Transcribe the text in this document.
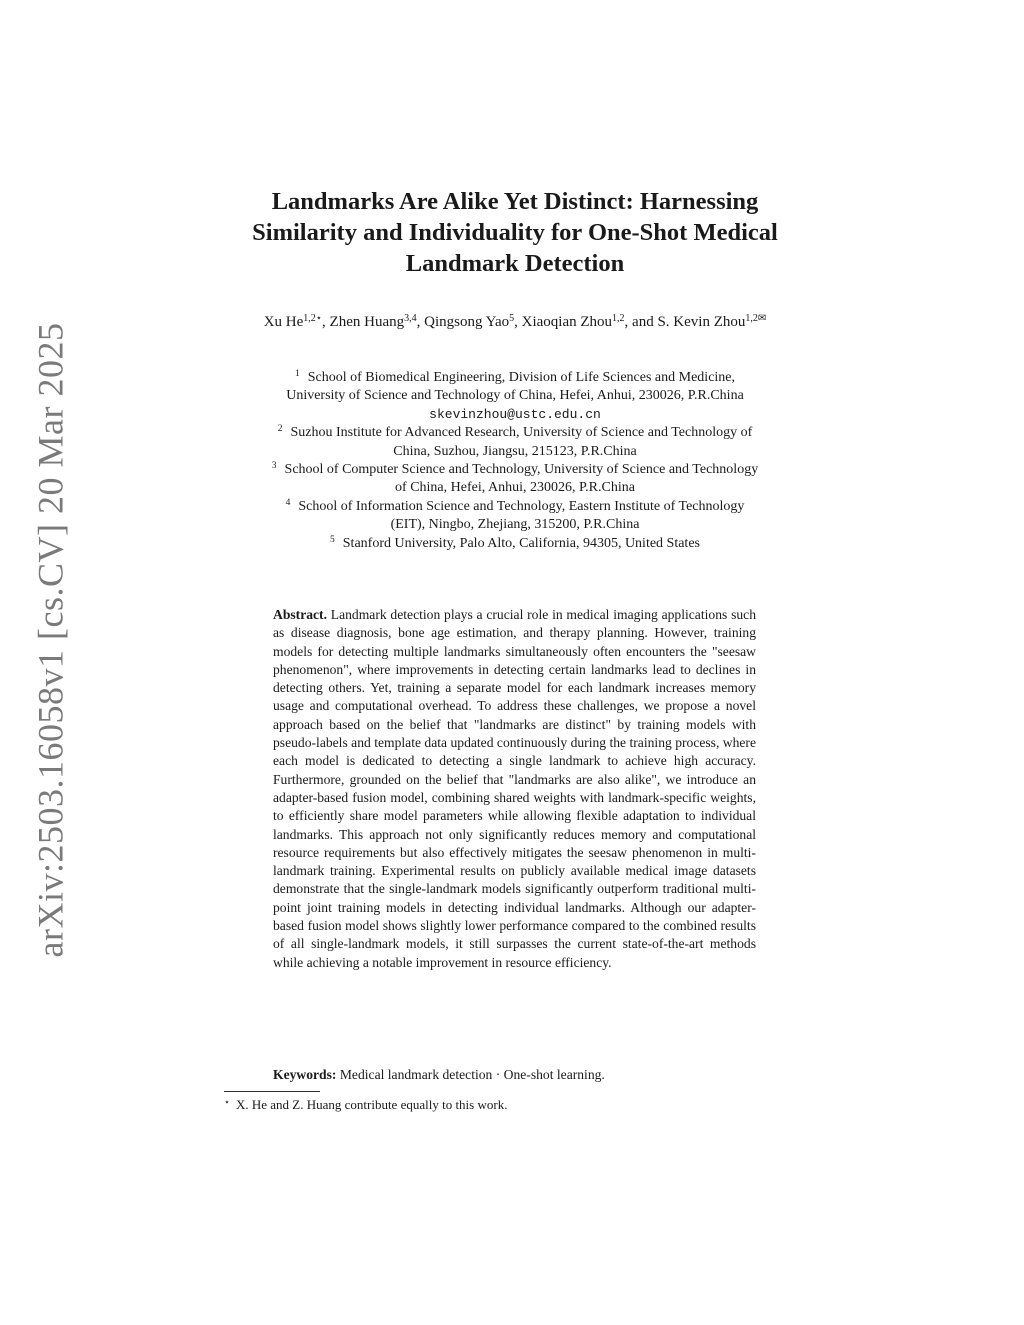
arXiv:2503.16058v1 [cs.CV] 20 Mar 2025
Landmarks Are Alike Yet Distinct: Harnessing
Similarity and Individuality for One-Shot Medical
Landmark Detection
Xu $He^{1,2⋆}$, Zhen Huang$^{3,4}$, Qingsong Yao$^5$, Xiaoqian Zhou$^{1,2}$, and S. Kevin Zhou$^{1,2✉}$
$^1$ School of Biomedical Engineering, Division of Life Sciences and Medicine,
University of Science and Technology of China, Hefei, Anhui, 230026, P.R.China
skevinzhou@ustc.edu.cn
$^2$ Suzhou Institute for Advanced Research, University of Science and Technology of
China, Suzhou, Jiangsu, 215123, P.R.China
$^3$ School of Computer Science and Technology, University of Science and Technology
of China, Hefei, Anhui, 230026, P.R.China
$^4$ School of Information Science and Technology, Eastern Institute of Technology
(EIT), Ningbo, Zhejiang, 315200, P.R.China
$^5$ Stanford University, Palo Alto, California, 94305, United States
Abstract. Landmark detection plays a crucial role in medical imaging applications such as disease diagnosis, bone age estimation, and therapy planning. However, training models for detecting multiple landmarks simultaneously often encounters the "seesaw phenomenon", where improvements in detecting certain landmarks lead to declines in detecting others. Yet, training a separate model for each landmark increases memory usage and computational overhead. To address these challenges, we propose a novel approach based on the belief that "landmarks are distinct" by training models with pseudo-labels and template data updated continuously during the training process, where each model is dedicated to detecting a single landmark to achieve high accuracy. Furthermore, grounded on the belief that "landmarks are also alike", we introduce an adapter-based fusion model, combining shared weights with landmark-specific weights, to efficiently share model parameters while allowing flexible adaptation to individual landmarks. This approach not only significantly reduces memory and computational resource requirements but also effectively mitigates the seesaw phenomenon in multi-landmark training. Experimental results on publicly available medical image datasets demonstrate that the single-landmark models significantly outperform traditional multi-point joint training models in detecting individual landmarks. Although our adapter-based fusion model shows slightly lower performance compared to the combined results of all single-landmark models, it still surpasses the current state-of-the-art methods while achieving a notable improvement in resource efficiency.
Keywords: Medical landmark detection · One-shot learning.
⋆ X. He and Z. Huang contribute equally to this work.
